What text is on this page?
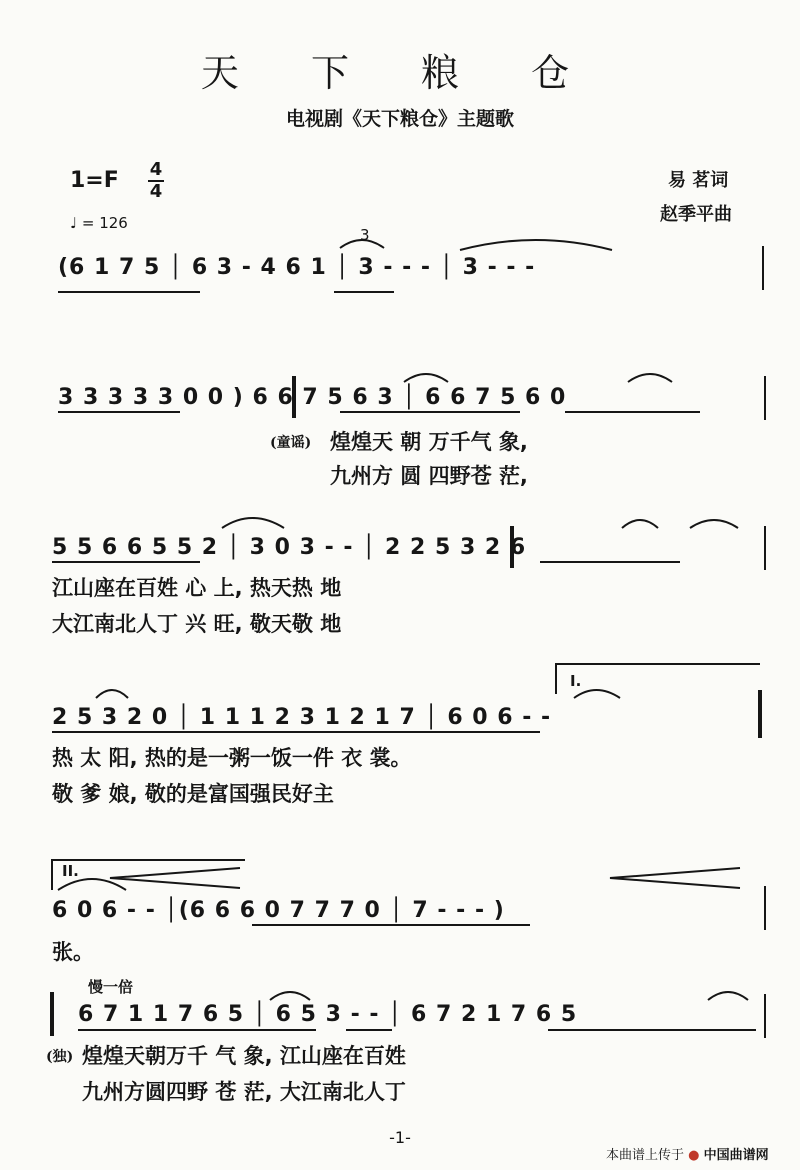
天 下 粮 仓
电视剧《天下粮仓》主题歌
1=F 4
4
♩ = 126
易 茗词
赵季平曲
(6 1 7 5 │ 6 3 - 4 6 1 │ 3 - - - │ 3 - - -
3
3 3 3 3 3 0 0 ) 6 6 7 5 6 3 │ 6 6 7 5 6 0
(童谣) 煌煌天 朝 万千气 象,
九州方 圆 四野苍 茫,
5 5 6 6 5 5 2 │ 3 0 3 - - │ 2 2 5 3 2 6
江山座在百姓 心 上, 热天热 地
大江南北人丁 兴 旺, 敬天敬 地
2 5 3 2 0 │ 1 1 1 2 3 1 2 1 7 │ 6 0 6 - -
I.
热 太 阳, 热的是一粥一饭一件 衣 裳。
敬 爹 娘, 敬的是富国强民好主
6 0 6 - - │(6 6 6 0 7 7 7 0 │ 7 - - - )
II.
张。
慢一倍
6 7 1 1 7 6 5 │ 6 5 3 - - │ 6 7 2 1 7 6 5
(独) 煌煌天朝万千 气 象, 江山座在百姓
九州方圆四野 苍 茫, 大江南北人丁
-1-
本曲谱上传于 ● 中国曲谱网
